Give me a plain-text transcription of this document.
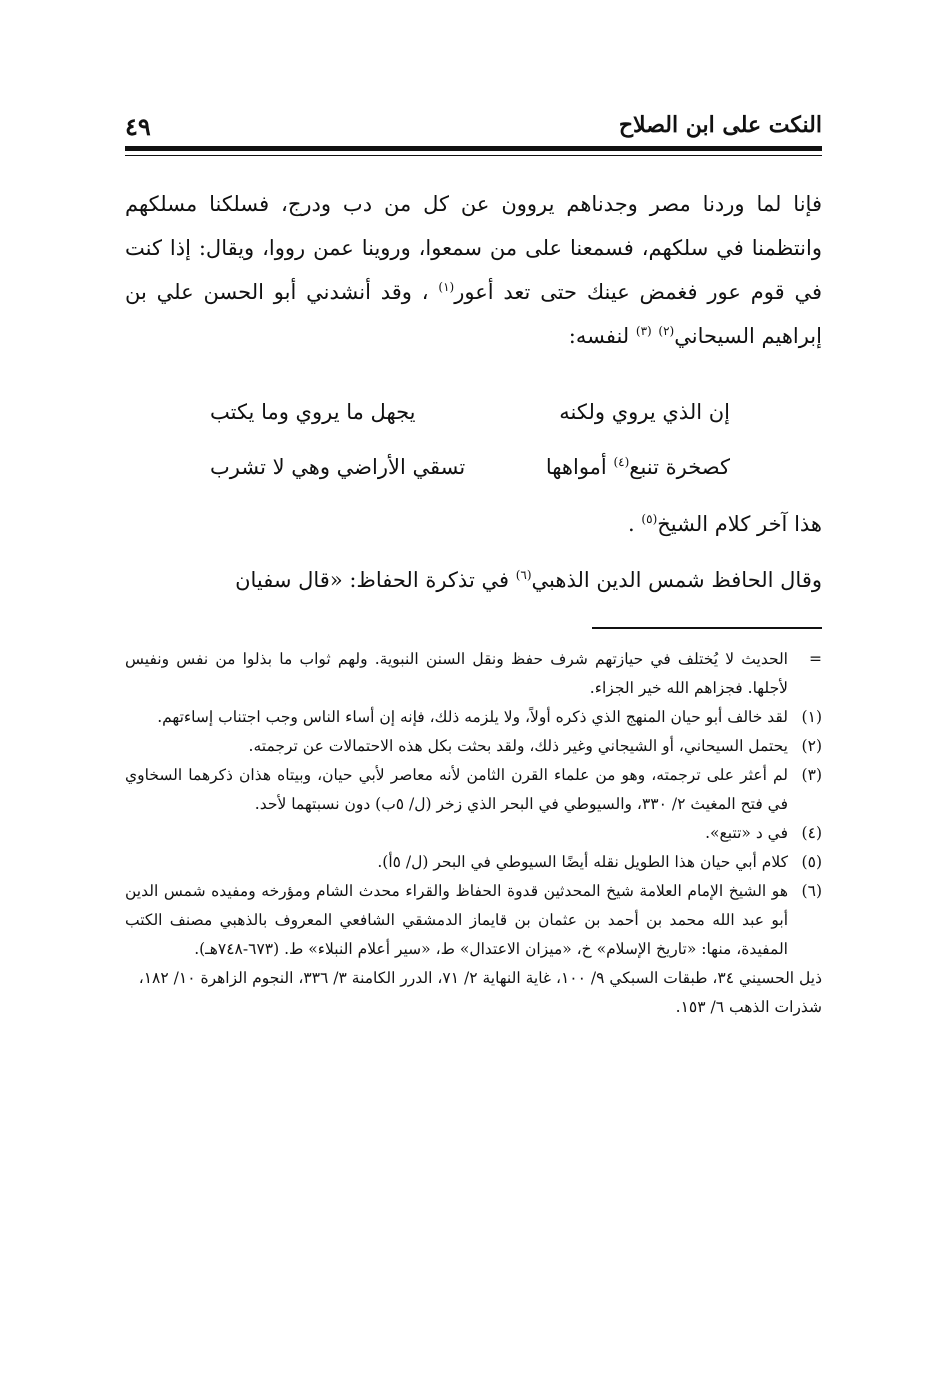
النكت على ابن الصلاح
٤٩

فإنا لما وردنا مصر وجدناهم يروون عن كل من دب ودرج، فسلكنا مسلكهم وانتظمنا في سلكهم، فسمعنا على من سمعوا، وروينا عمن رووا، ويقال: إذا كنت في قوم عور فغمض عينك حتى تعد أعور$^{(١)}$ ، وقد أنشدني أبو الحسن علي بن إبراهيم السيحاني$^{(٢)}$ $^{(٣)}$ لنفسه:

إن الذي يروي ولكنه
يجهل ما يروي وما يكتب
كصخرة تنبع$^{(٤)}$ أمواهها
تسقي الأراضي وهي لا تشرب
هذا آخر كلام الشيخ$^{(٥)}$ .
وقال الحافظ شمس الدين الذهبي$^{(٦)}$ في تذكرة الحفاظ: «قال سفيان
=
الحديث لا يُختلف في حيازتهم شرف حفظ ونقل السنن النبوية. ولهم ثواب ما بذلوا من نفس ونفيس لأجلها. فجزاهم الله خير الجزاء.
(١)
لقد خالف أبو حيان المنهج الذي ذكره أولاً، ولا يلزمه ذلك، فإنه إن أساء الناس وجب اجتناب إساءتهم.
(٢)
يحتمل السيحاني، أو الشيجاني وغير ذلك، ولقد بحثت بكل هذه الاحتمالات عن ترجمته.
(٣)
لم أعثر على ترجمته، وهو من علماء القرن الثامن لأنه معاصر لأبي حيان، وبيتاه هذان ذكرهما السخاوي في فتح المغيث ٢/ ٣٣٠، والسيوطي في البحر الذي زخر (ل/ ٥ب) دون نسبتهما لأحد.
(٤)
في د «تتبع».
(٥)
كلام أبي حيان هذا الطويل نقله أيضًا السيوطي في البحر (ل/ ٥أ).
(٦)
هو الشيخ الإمام العلامة شيخ المحدثين قدوة الحفاظ والقراء محدث الشام ومؤرخه ومفيده شمس الدين أبو عبد الله محمد بن أحمد بن عثمان بن قايماز الدمشقي الشافعي المعروف بالذهبي مصنف الكتب المفيدة، منها: «تاريخ الإسلام» خ، «ميزان الاعتدال» ط، «سير أعلام النبلاء» ط. (٦٧٣-٧٤٨هـ).
ذيل الحسيني ٣٤، طبقات السبكي ٩/ ١٠٠، غاية النهاية ٢/ ٧١، الدرر الكامنة ٣/ ٣٣٦، النجوم الزاهرة ١٠/ ١٨٢، شذرات الذهب ٦/ ١٥٣.
